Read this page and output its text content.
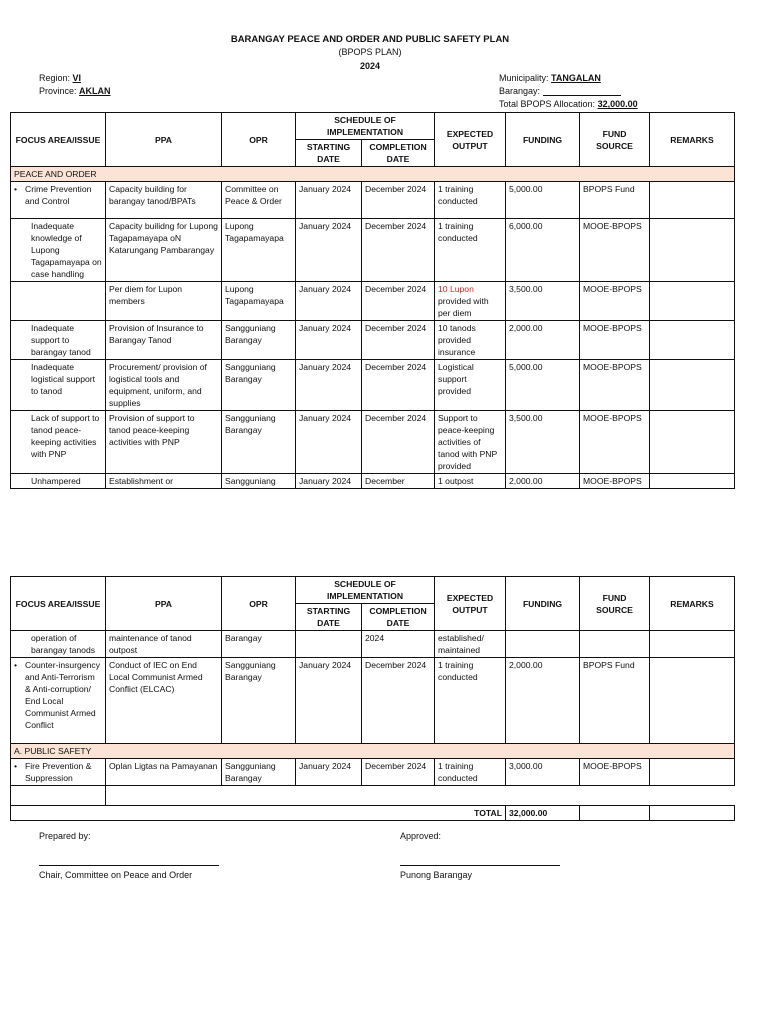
BARANGAY PEACE AND ORDER AND PUBLIC SAFETY PLAN
(BPOPS PLAN)
2024
Region: VI
Province: AKLAN
Municipality: TANGALAN
Barangay:
Total BPOPS Allocation: 32,000.00
FOCUS AREA/ISSUE	PPA	OPR	SCHEDULE OF IMPLEMENTATION		EXPECTED OUTPUT	FUNDING	FUND SOURCE	REMARKS
			STARTING DATE	COMPLETION DATE				
PEACE AND ORDER								
• Crime Prevention and Control	Capacity building for barangay tanod/BPATs	Committee on Peace & Order	January 2024	December 2024	1 training conducted	5,000.00	BPOPS Fund	
Inadequate knowledge of Lupong Tagapamayapa on case handling	Capacity builidng for Lupong Tagapamayapa oN Katarungang Pambarangay	Lupong Tagapamayapa	January 2024	December 2024	1 training conducted	6,000.00	MOOE-BPOPS	
	Per diem for Lupon members	Lupong Tagapamayapa	January 2024	December 2024	10 Lupon provided with per diem	3,500.00	MOOE-BPOPS	
Inadequate support to barangay tanod	Provision of Insurance to Barangay Tanod	Sangguniang Barangay	January 2024	December 2024	10 tanods provided insurance	2,000.00	MOOE-BPOPS	
Inadequate logistical support to tanod	Procurement/ provision of logistical tools and equipment, uniform, and supplies	Sangguniang Barangay	January 2024	December 2024	Logistical support provided	5,000.00	MOOE-BPOPS	
Lack of support to tanod peace-keeping activities with PNP	Provision of support to tanod peace-keeping activities with PNP	Sangguniang Barangay	January 2024	December 2024	Support to peace-keeping activities of tanod with PNP provided	3,500.00	MOOE-BPOPS	
Unhampered	Establishment or	Sangguniang	January 2024	December	1 outpost	2,000.00	MOOE-BPOPS	
FOCUS AREA/ISSUE	PPA	OPR	SCHEDULE OF IMPLEMENTATION		EXPECTED OUTPUT	FUNDING	FUND SOURCE	REMARKS
			STARTING DATE	COMPLETION DATE				
operation of barangay tanods	maintenance of tanod outpost	Barangay		2024	established/ maintained			
• Counter-insurgency and Anti-Terrorism & Anti-corruption/ End Local Communist Armed Conflict	Conduct of IEC on End Local Communist Armed Conflict (ELCAC)	Sangguniang Barangay	January 2024	December 2024	1 training conducted	2,000.00	BPOPS Fund	
A. PUBLIC SAFETY								
• Fire Prevention & Suppression	Oplan Ligtas na Pamayanan	Sangguniang Barangay	January 2024	December 2024	1 training conducted	3,000.00	MOOE-BPOPS	

TOTAL						32,000.00		
Prepared by:
Chair, Committee on Peace and Order
Approved:
Punong Barangay
